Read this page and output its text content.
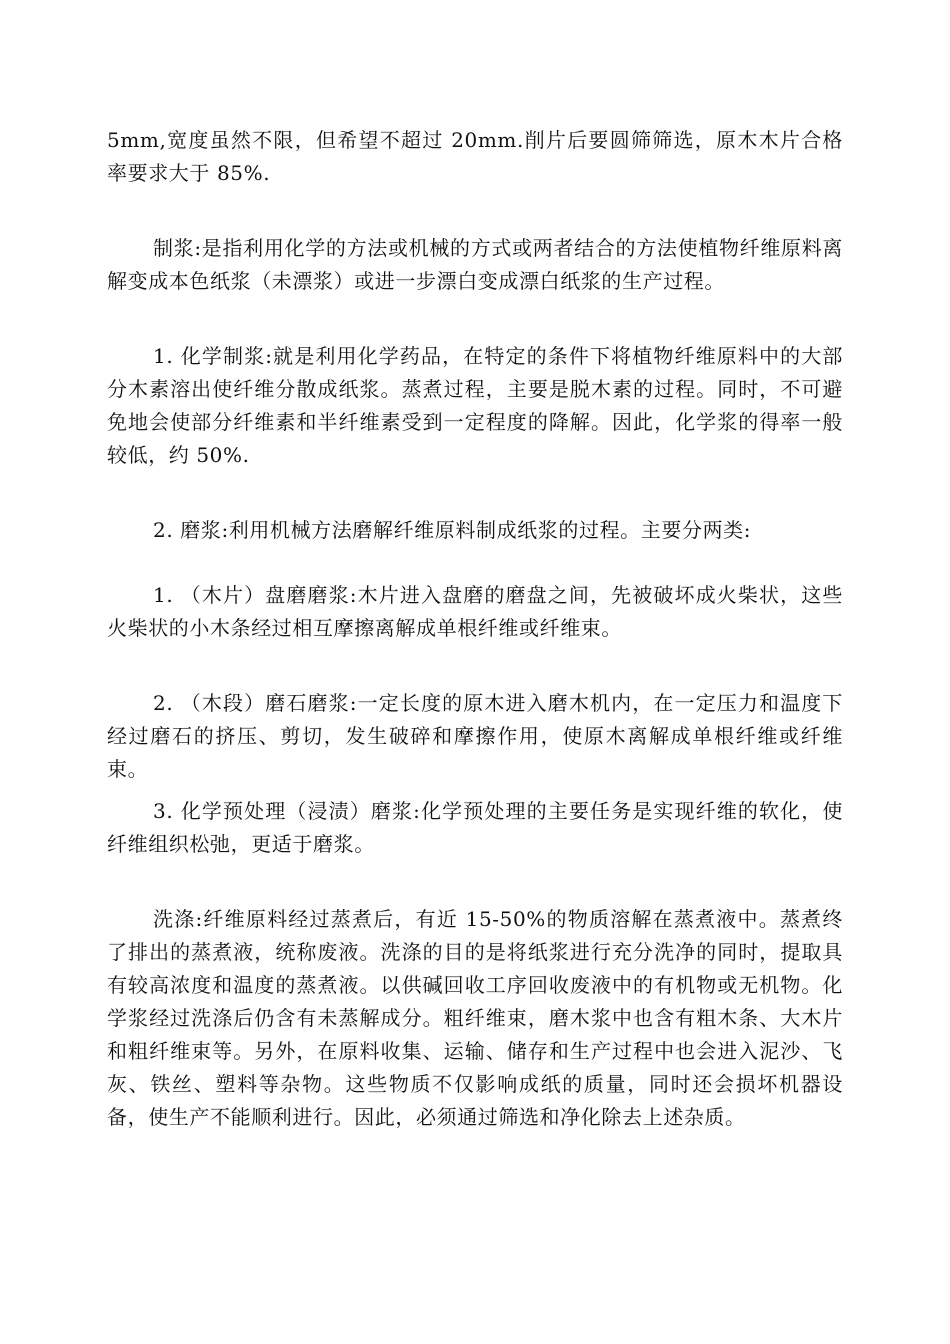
5mm,宽度虽然不限，但希望不超过 20mm.削片后要圆筛筛选，原木木片合格率要求大于 85%.

制浆:是指利用化学的方法或机械的方式或两者结合的方法使植物纤维原料离解变成本色纸浆（未漂浆）或进一步漂白变成漂白纸浆的生产过程。

1. 化学制浆:就是利用化学药品，在特定的条件下将植物纤维原料中的大部分木素溶出使纤维分散成纸浆。蒸煮过程，主要是脱木素的过程。同时，不可避免地会使部分纤维素和半纤维素受到一定程度的降解。因此，化学浆的得率一般较低，约 50%.

2. 磨浆:利用机械方法磨解纤维原料制成纸浆的过程。主要分两类:

1. （木片）盘磨磨浆:木片进入盘磨的磨盘之间，先被破坏成火柴状，这些火柴状的小木条经过相互摩擦离解成单根纤维或纤维束。

2. （木段）磨石磨浆:一定长度的原木进入磨木机内，在一定压力和温度下经过磨石的挤压、剪切，发生破碎和摩擦作用，使原木离解成单根纤维或纤维束。

3. 化学预处理（浸渍）磨浆:化学预处理的主要任务是实现纤维的软化，使纤维组织松弛，更适于磨浆。

洗涤:纤维原料经过蒸煮后，有近 15-50%的物质溶解在蒸煮液中。蒸煮终了排出的蒸煮液，统称废液。洗涤的目的是将纸浆进行充分洗净的同时，提取具有较高浓度和温度的蒸煮液。以供碱回收工序回收废液中的有机物或无机物。化学浆经过洗涤后仍含有未蒸解成分。粗纤维束，磨木浆中也含有粗木条、大木片和粗纤维束等。另外，在原料收集、运输、储存和生产过程中也会进入泥沙、飞灰、铁丝、塑料等杂物。这些物质不仅影响成纸的质量，同时还会损坏机器设备，使生产不能顺利进行。因此，必须通过筛选和净化除去上述杂质。
